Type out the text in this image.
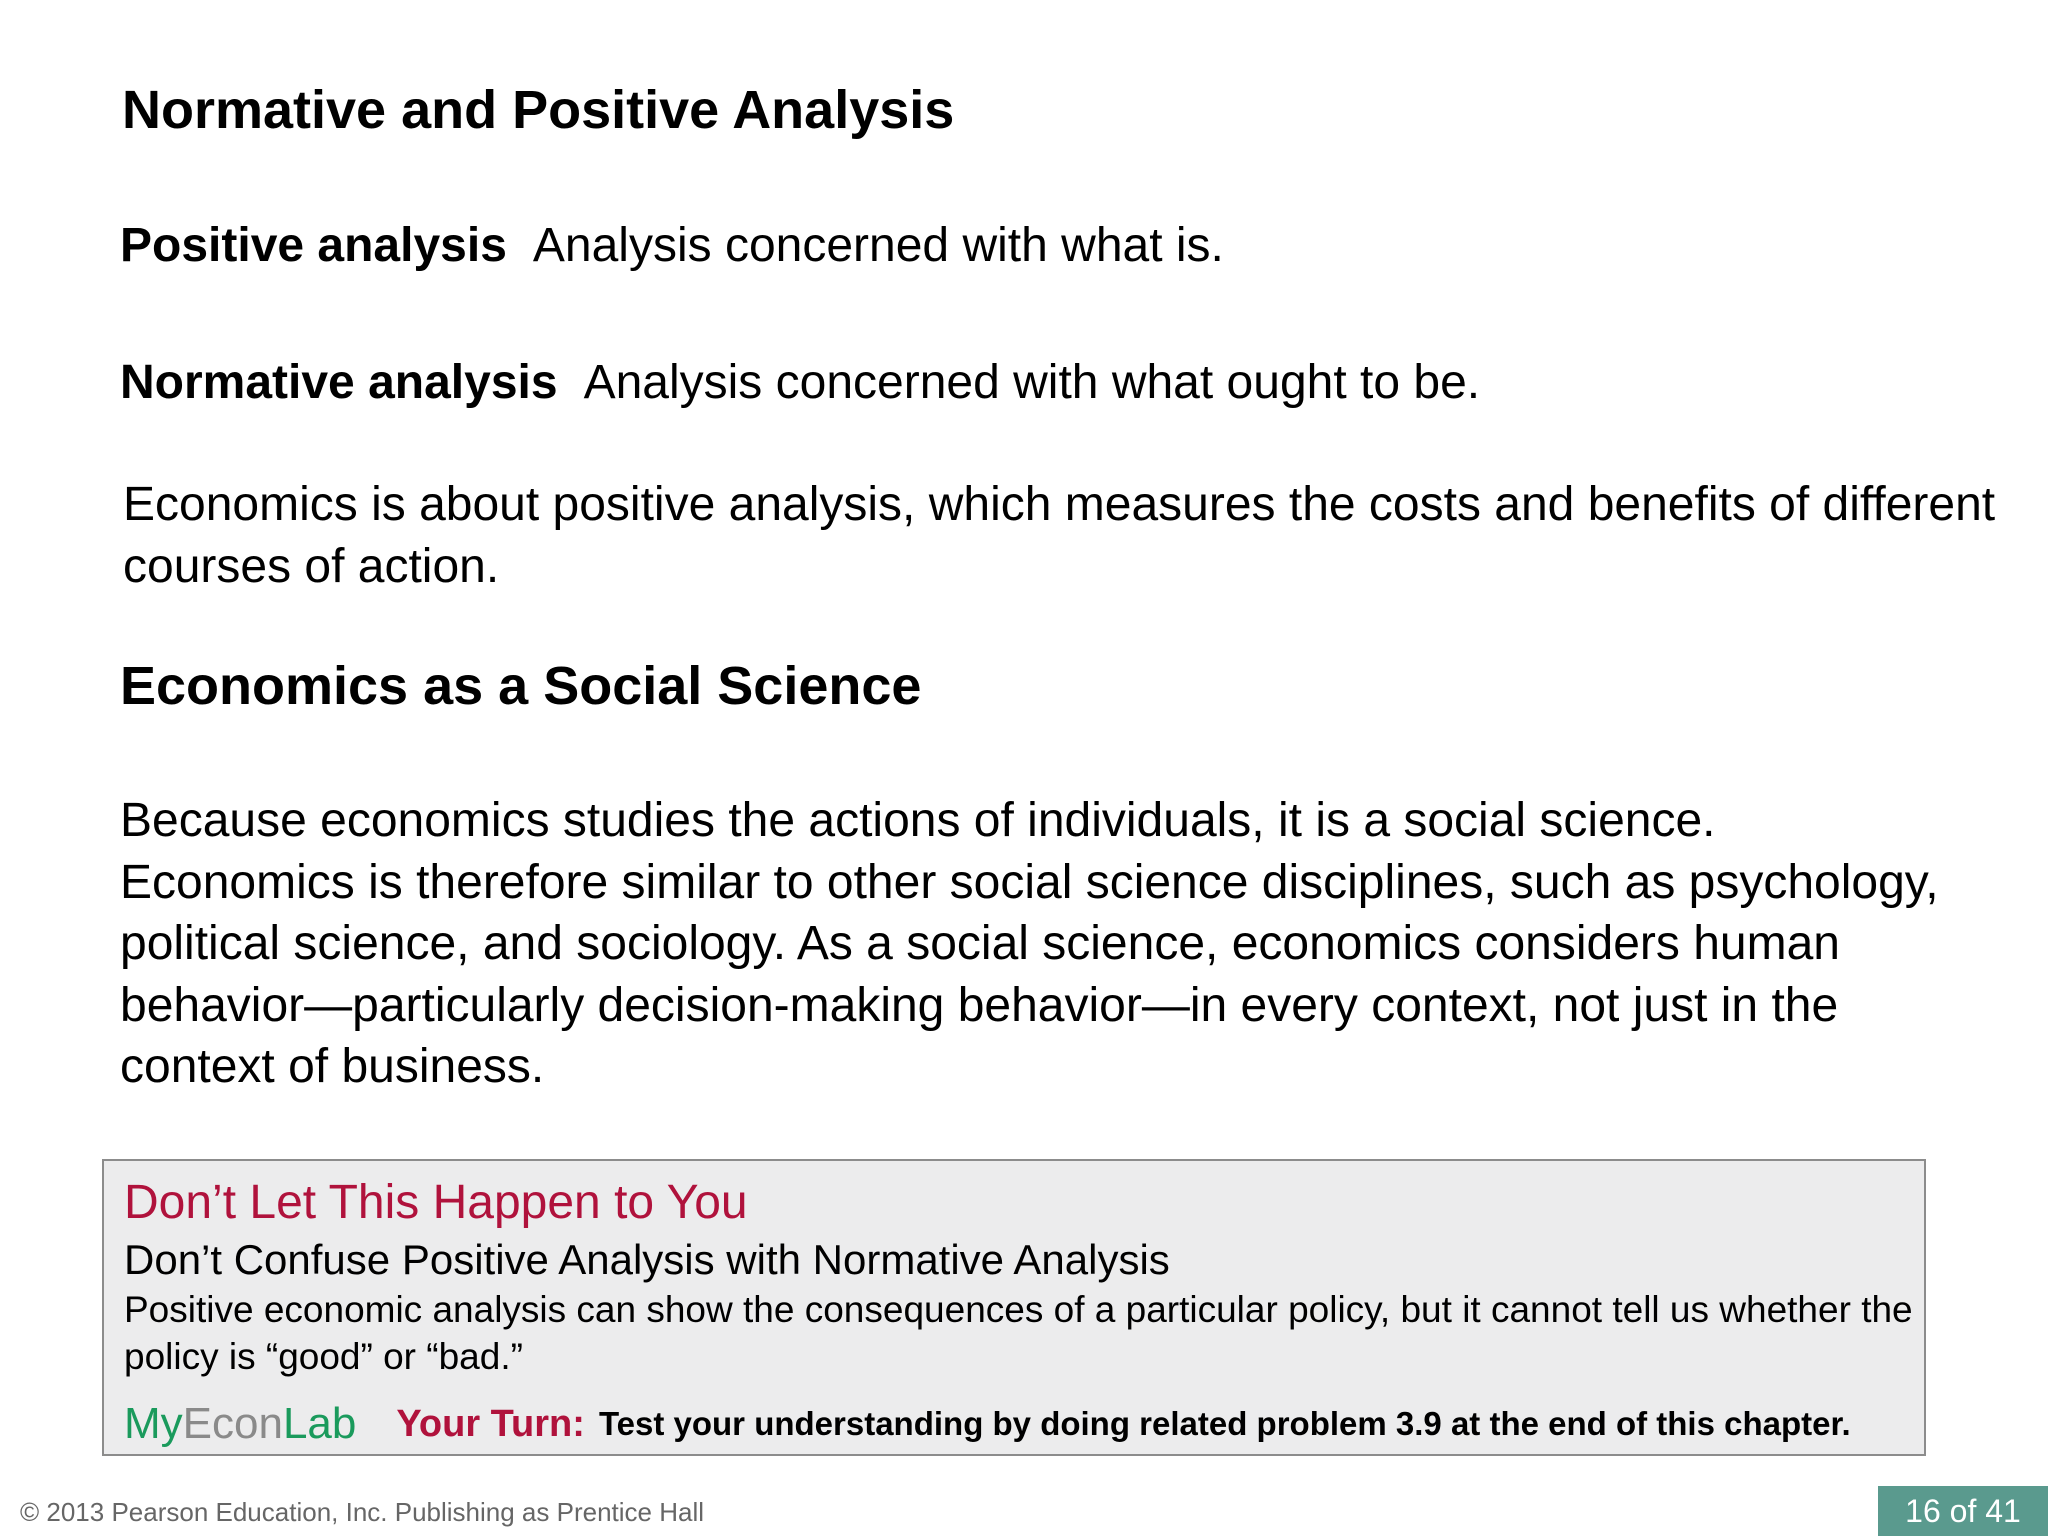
Normative and Positive Analysis
Positive analysis Analysis concerned with what is.
Normative analysis Analysis concerned with what ought to be.
Economics is about positive analysis, which measures the costs and benefits of different courses of action.
Economics as a Social Science
Because economics studies the actions of individuals, it is a social science. Economics is therefore similar to other social science disciplines, such as psychology, political science, and sociology. As a social science, economics considers human behavior—particularly decision-making behavior—in every context, not just in the context of business.
Don’t Let This Happen to You
Don’t Confuse Positive Analysis with Normative Analysis
Positive economic analysis can show the consequences of a particular policy, but it cannot tell us whether the policy is “good” or “bad.”
MyEconLab Your Turn: Test your understanding by doing related problem 3.9 at the end of this chapter.
© 2013 Pearson Education, Inc. Publishing as Prentice Hall	16 of 41
